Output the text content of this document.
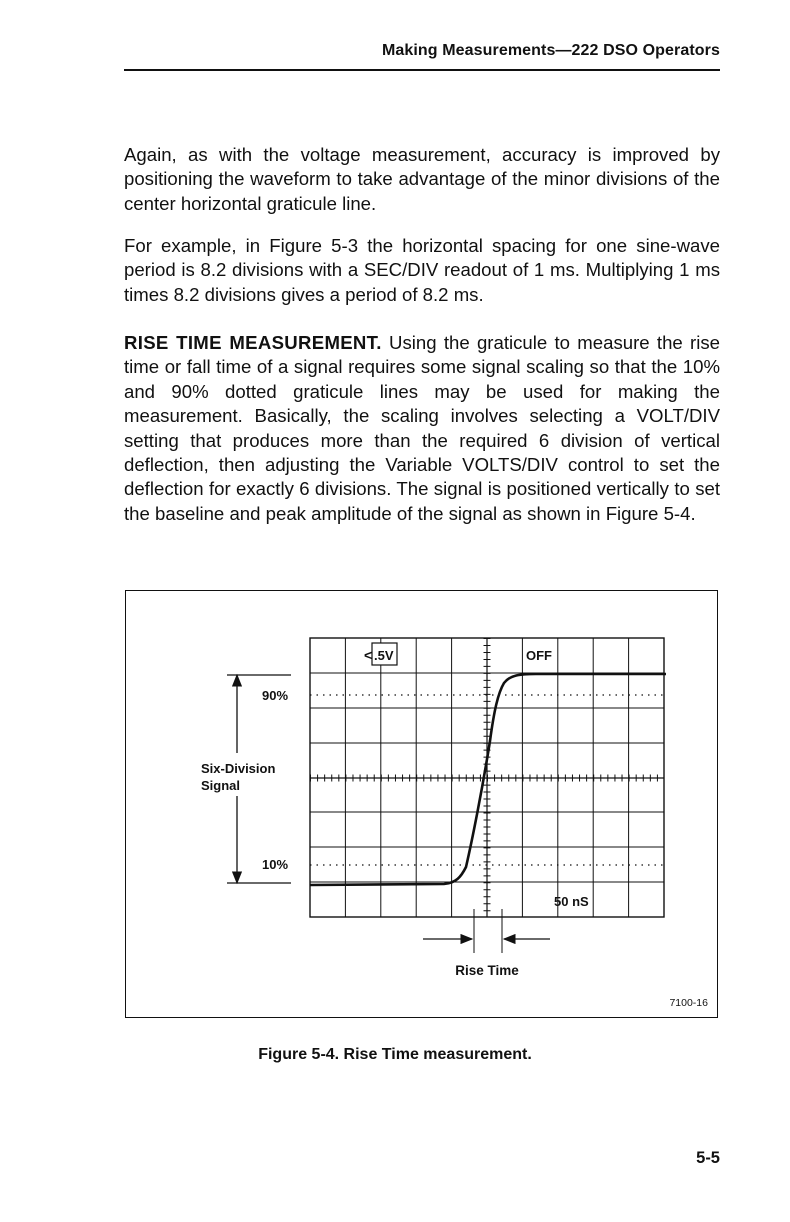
Making Measurements—222 DSO Operators

Again, as with the voltage measurement, accuracy is improved by positioning the waveform to take advantage of the minor divisions of the center horizontal graticule line.

For example, in Figure 5‑3 the horizontal spacing for one sine‑wave period is 8.2 divisions with a SEC/DIV readout of 1 ms. Multiplying 1 ms times 8.2 divisions gives a period of 8.2 ms.

RISE TIME MEASUREMENT. Using the graticule to measure the rise time or fall time of a signal requires some signal scaling so that the 10% and 90% dotted graticule lines may be used for making the measurement. Basically, the scaling involves selecting a VOLT/DIV setting that produces more than the required 6 division of vertical deflection, then adjusting the Variable VOLTS/DIV control to set the deflection for exactly 6 divisions. The signal is positioned vertically to set the baseline and peak amplitude of the signal as shown in Figure 5‑4.

< .5V	OFF
50 nS
90%
10%
Six‑Division
Signal
Rise Time
7100‑16
Figure 5‑4. Rise Time measurement.
5‑5
